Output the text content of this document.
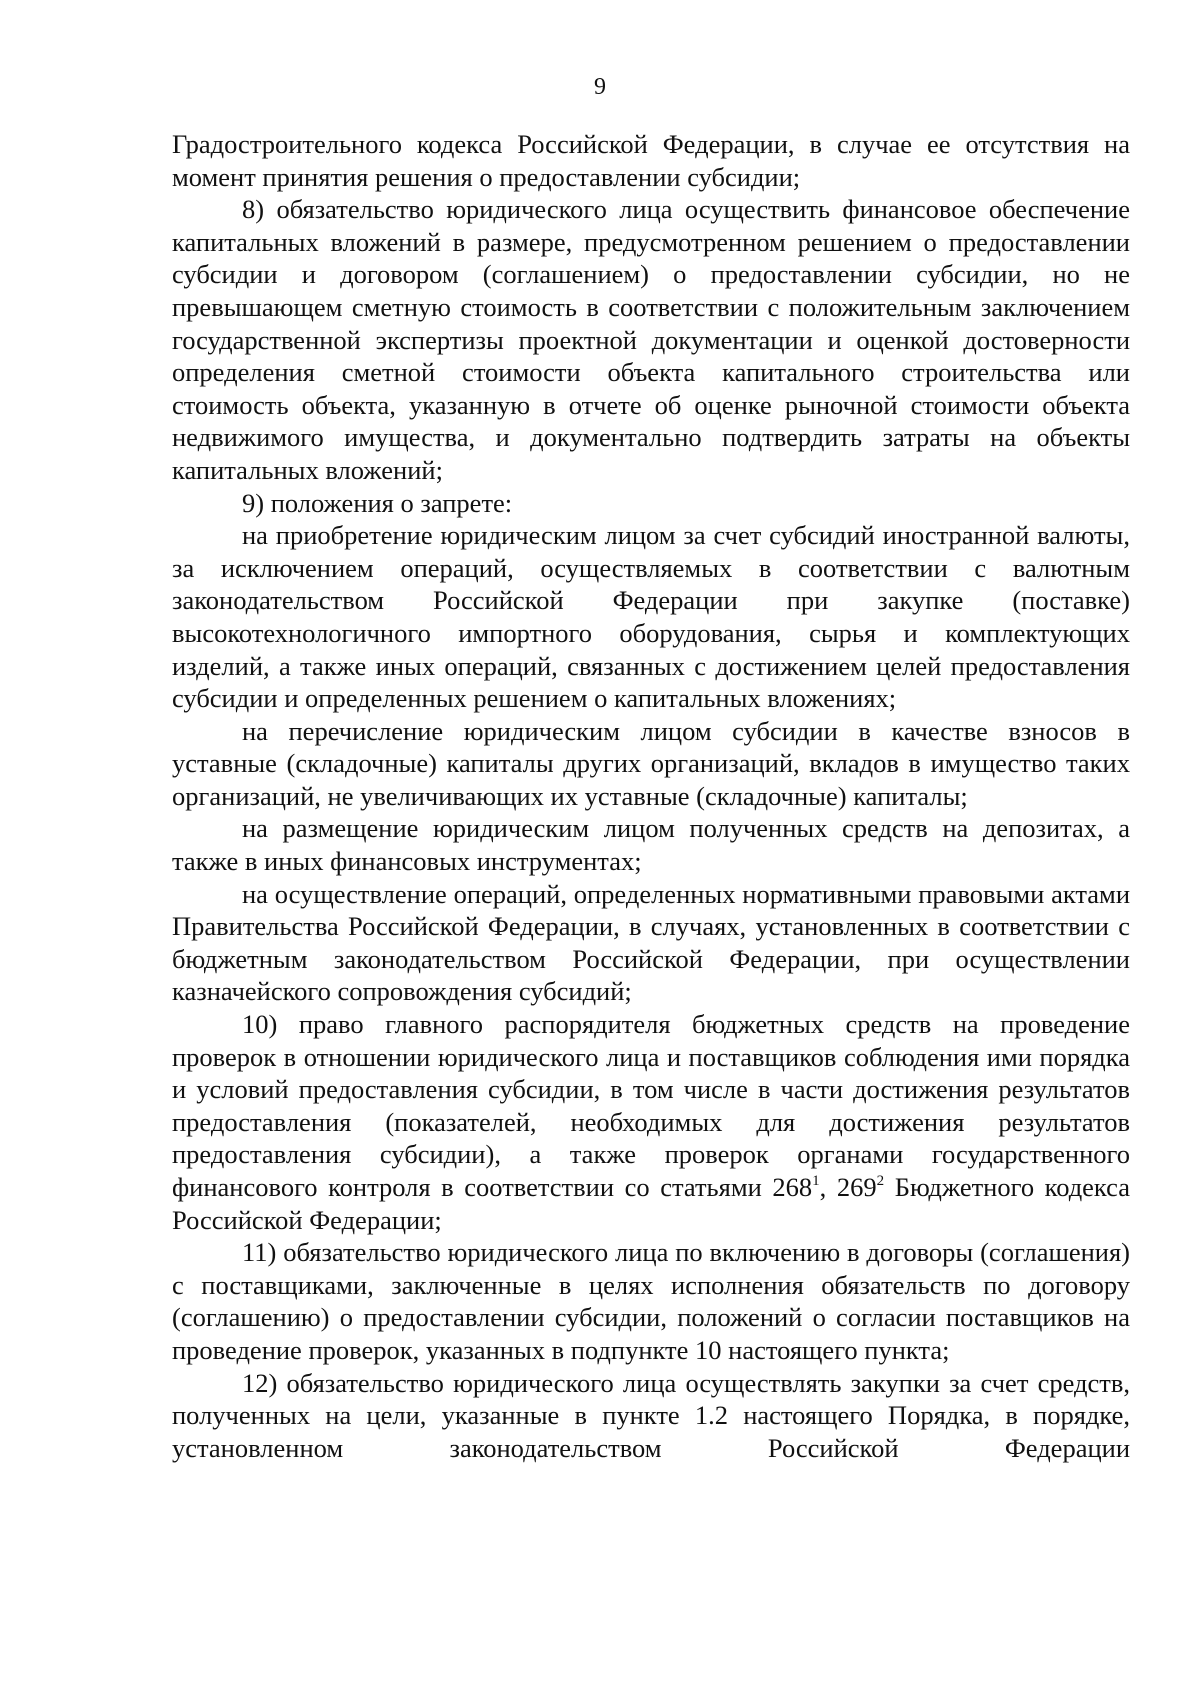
9

Градостроительного кодекса Российской Федерации, в случае ее отсутствия на момент принятия решения о предоставлении субсидии;

8) обязательство юридического лица осуществить финансовое обеспечение капитальных вложений в размере, предусмотренном решением о предоставлении субсидии и договором (соглашением) о предоставлении субсидии, но не превышающем сметную стоимость в соответствии с положительным заключением государственной экспертизы проектной документации и оценкой достоверности определения сметной стоимости объекта капитального строительства или стоимость объекта, указанную в отчете об оценке рыночной стоимости объекта недвижимого имущества, и документально подтвердить затраты на объекты капитальных вложений;

9) положения о запрете:

на приобретение юридическим лицом за счет субсидий иностранной валюты, за исключением операций, осуществляемых в соответствии с валютным законодательством Российской Федерации при закупке (поставке) высокотехнологичного импортного оборудования, сырья и комплектующих изделий, а также иных операций, связанных с достижением целей предоставления субсидии и определенных решением о капитальных вложениях;

на перечисление юридическим лицом субсидии в качестве взносов в уставные (складочные) капиталы других организаций, вкладов в имущество таких организаций, не увеличивающих их уставные (складочные) капиталы;

на размещение юридическим лицом полученных средств на депозитах, а также в иных финансовых инструментах;

на осуществление операций, определенных нормативными правовыми актами Правительства Российской Федерации, в случаях, установленных в соответствии с бюджетным законодательством Российской Федерации, при осуществлении казначейского сопровождения субсидий;

10) право главного распорядителя бюджетных средств на проведение проверок в отношении юридического лица и поставщиков соблюдения ими порядка и условий предоставления субсидии, в том числе в части достижения результатов предоставления (показателей, необходимых для достижения результатов предоставления субсидии), а также проверок органами государственного финансового контроля в соответствии со статьями $268^1$, $269^2$ Бюджетного кодекса Российской Федерации;

11) обязательство юридического лица по включению в договоры (соглашения) с поставщиками, заключенные в целях исполнения обязательств по договору (соглашению) о предоставлении субсидии, положений о согласии поставщиков на проведение проверок, указанных в подпункте 10 настоящего пункта;

12) обязательство юридического лица осуществлять закупки за счет средств, полученных на цели, указанные в пункте 1.2 настоящего Порядка, в порядке, установленном законодательством Российской Федерации
